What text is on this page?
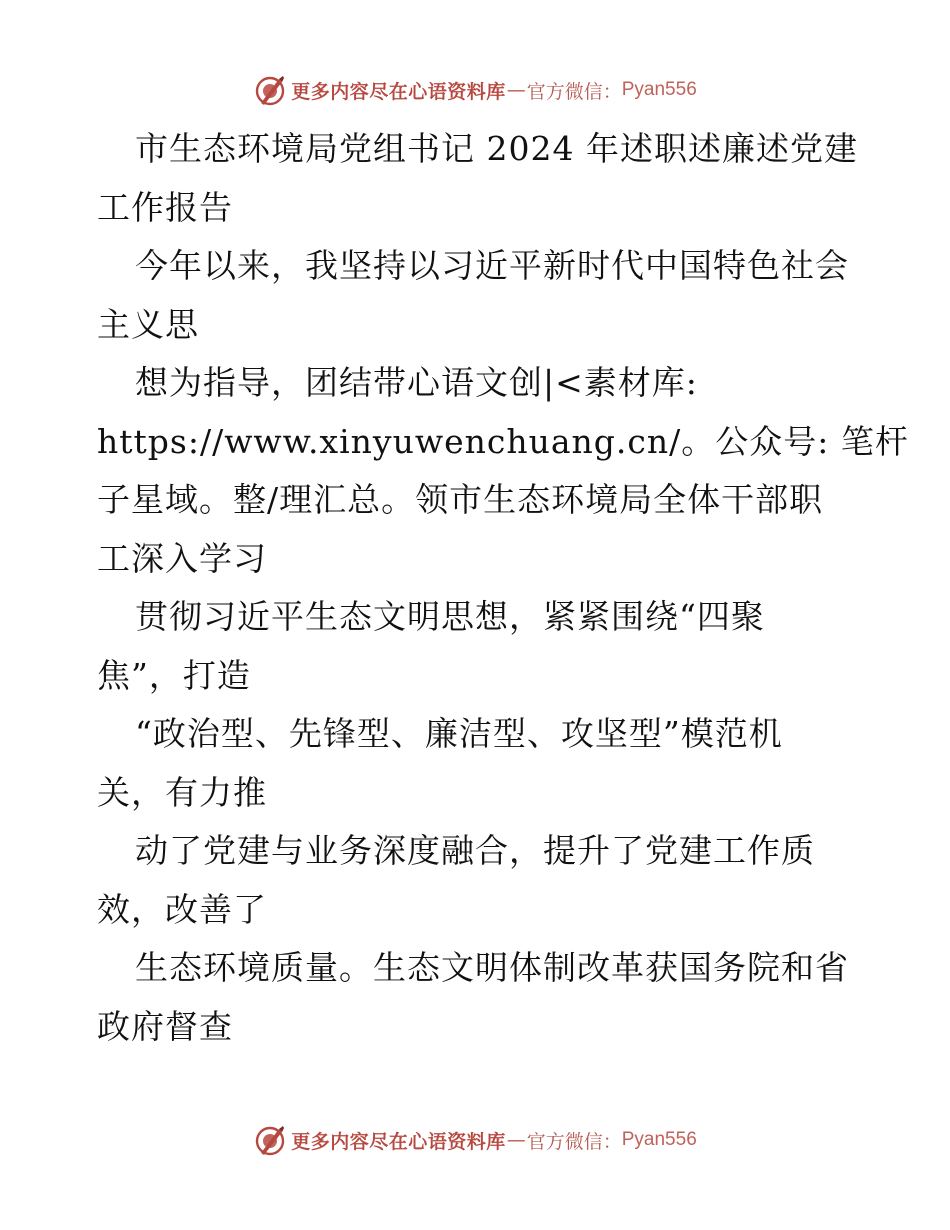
更多内容尽在心语资料库 — 官方微信： Pyan556
市生态环境局党组书记 2024 年述职述廉述党建
工作报告
今年以来，我坚持以习近平新时代中国特色社会
主义思
想为指导，团结带心语文创|<素材库:
https://www.xinyuwenchuang.cn/。公众号: 笔杆
子星域。整/理汇总。领市生态环境局全体干部职
工深入学习
贯彻习近平生态文明思想，紧紧围绕“四聚
焦”，打造
“政治型、先锋型、廉洁型、攻坚型”模范机
关，有力推
动了党建与业务深度融合，提升了党建工作质
效，改善了
生态环境质量。生态文明体制改革获国务院和省
政府督查
更多内容尽在心语资料库 — 官方微信： Pyan556
